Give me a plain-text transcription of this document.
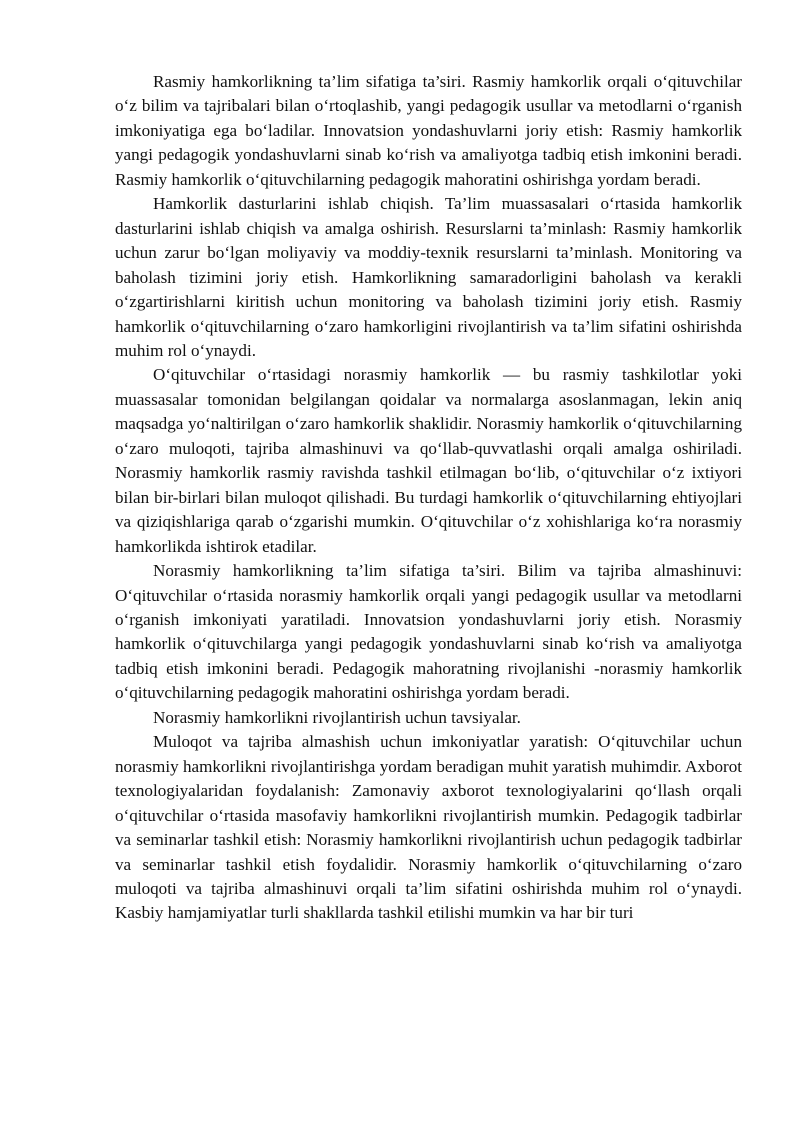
Rasmiy hamkorlikning ta’lim sifatiga ta’siri. Rasmiy hamkorlik orqali o‘qituvchilar o‘z bilim va tajribalari bilan o‘rtoqlashib, yangi pedagogik usullar va metodlarni o‘rganish imkoniyatiga ega bo‘ladilar. Innovatsion yondashuvlarni joriy etish: Rasmiy hamkorlik yangi pedagogik yondashuvlarni sinab ko‘rish va amaliyotga tadbiq etish imkonini beradi. Rasmiy hamkorlik o‘qituvchilarning pedagogik mahoratini oshirishga yordam beradi.

Hamkorlik dasturlarini ishlab chiqish. Ta’lim muassasalari o‘rtasida hamkorlik dasturlarini ishlab chiqish va amalga oshirish. Resurslarni ta’minlash: Rasmiy hamkorlik uchun zarur bo‘lgan moliyaviy va moddiy-texnik resurslarni ta’minlash. Monitoring va baholash tizimini joriy etish. Hamkorlikning samaradorligini baholash va kerakli o‘zgartirishlarni kiritish uchun monitoring va baholash tizimini joriy etish. Rasmiy hamkorlik o‘qituvchilarning o‘zaro hamkorligini rivojlantirish va ta’lim sifatini oshirishda muhim rol o‘ynaydi.

O‘qituvchilar o‘rtasidagi norasmiy hamkorlik — bu rasmiy tashkilotlar yoki muassasalar tomonidan belgilangan qoidalar va normalarga asoslanmagan, lekin aniq maqsadga yo‘naltirilgan o‘zaro hamkorlik shaklidir. Norasmiy hamkorlik o‘qituvchilarning o‘zaro muloqoti, tajriba almashinuvi va qo‘llab-quvvatlashi orqali amalga oshiriladi. Norasmiy hamkorlik rasmiy ravishda tashkil etilmagan bo‘lib, o‘qituvchilar o‘z ixtiyori bilan bir-birlari bilan muloqot qilishadi. Bu turdagi hamkorlik o‘qituvchilarning ehtiyojlari va qiziqishlariga qarab o‘zgarishi mumkin. O‘qituvchilar o‘z xohishlariga ko‘ra norasmiy hamkorlikda ishtirok etadilar.

Norasmiy hamkorlikning ta’lim sifatiga ta’siri. Bilim va tajriba almashinuvi: O‘qituvchilar o‘rtasida norasmiy hamkorlik orqali yangi pedagogik usullar va metodlarni o‘rganish imkoniyati yaratiladi. Innovatsion yondashuvlarni joriy etish. Norasmiy hamkorlik o‘qituvchilarga yangi pedagogik yondashuvlarni sinab ko‘rish va amaliyotga tadbiq etish imkonini beradi. Pedagogik mahoratning rivojlanishi -norasmiy hamkorlik o‘qituvchilarning pedagogik mahoratini oshirishga yordam beradi.

Norasmiy hamkorlikni rivojlantirish uchun tavsiyalar.

Muloqot va tajriba almashish uchun imkoniyatlar yaratish: O‘qituvchilar uchun norasmiy hamkorlikni rivojlantirishga yordam beradigan muhit yaratish muhimdir. Axborot texnologiyalaridan foydalanish: Zamonaviy axborot texnologiyalarini qo‘llash orqali o‘qituvchilar o‘rtasida masofaviy hamkorlikni rivojlantirish mumkin. Pedagogik tadbirlar va seminarlar tashkil etish: Norasmiy hamkorlikni rivojlantirish uchun pedagogik tadbirlar va seminarlar tashkil etish foydalidir. Norasmiy hamkorlik o‘qituvchilarning o‘zaro muloqoti va tajriba almashinuvi orqali ta’lim sifatini oshirishda muhim rol o‘ynaydi. Kasbiy hamjamiyatlar turli shakllarda tashkil etilishi mumkin va har bir turi
